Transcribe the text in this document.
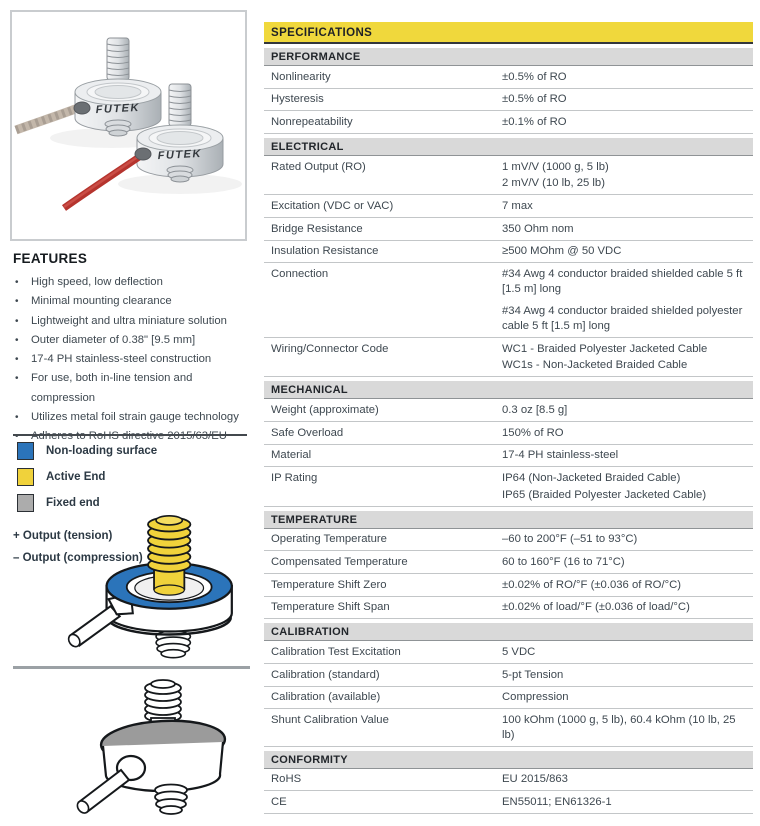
FUTEK
FUTEK
FEATURES
•	High speed, low deflection
•	Minimal mounting clearance
•	Lightweight and ultra miniature solution
•	Outer diameter of 0.38" [9.5 mm]
•	17-4 PH stainless-steel construction
•	For use, both in-line tension and compression
•	Utilizes metal foil strain gauge technology
•	Adheres to RoHS directive 2015/63/EU
Non-loading surface
Active End
Fixed end
+ Output (tension)
– Output (compression)
SPECIFICATIONS
PERFORMANCE
Nonlinearity	±0.5% of RO
Hysteresis	±0.5% of RO
Nonrepeatability	±0.1% of RO
ELECTRICAL
Rated Output (RO)	1 mV/V (1000 g, 5 lb)
2 mV/V (10 lb, 25 lb)
Excitation (VDC or VAC)	7 max
Bridge Resistance	350 Ohm nom
Insulation Resistance	≥500 MOhm @ 50 VDC
Connection	#34 Awg 4 conductor braided shielded cable 5 ft [1.5 m] long
#34 Awg 4 conductor braided shielded polyester cable 5 ft [1.5 m] long
Wiring/Connector Code	WC1 - Braided Polyester Jacketed Cable
WC1s - Non-Jacketed Braided Cable
MECHANICAL
Weight (approximate)	0.3 oz [8.5 g]
Safe Overload	150% of RO
Material	17-4 PH stainless-steel
IP Rating	IP64 (Non-Jacketed Braided Cable)
IP65 (Braided Polyester Jacketed Cable)
TEMPERATURE
Operating Temperature	–60 to 200°F (–51 to 93°C)
Compensated Temperature	60 to 160°F (16 to 71°C)
Temperature Shift Zero	±0.02% of RO/°F (±0.036 of RO/°C)
Temperature Shift Span	±0.02% of load/°F (±0.036 of load/°C)
CALIBRATION
Calibration Test Excitation	5 VDC
Calibration (standard)	5-pt Tension
Calibration (available)	Compression
Shunt Calibration Value	100 kOhm (1000 g, 5 lb), 60.4 kOhm (10 lb, 25 lb)
CONFORMITY
RoHS	EU 2015/863
CE	EN55011; EN61326-1
